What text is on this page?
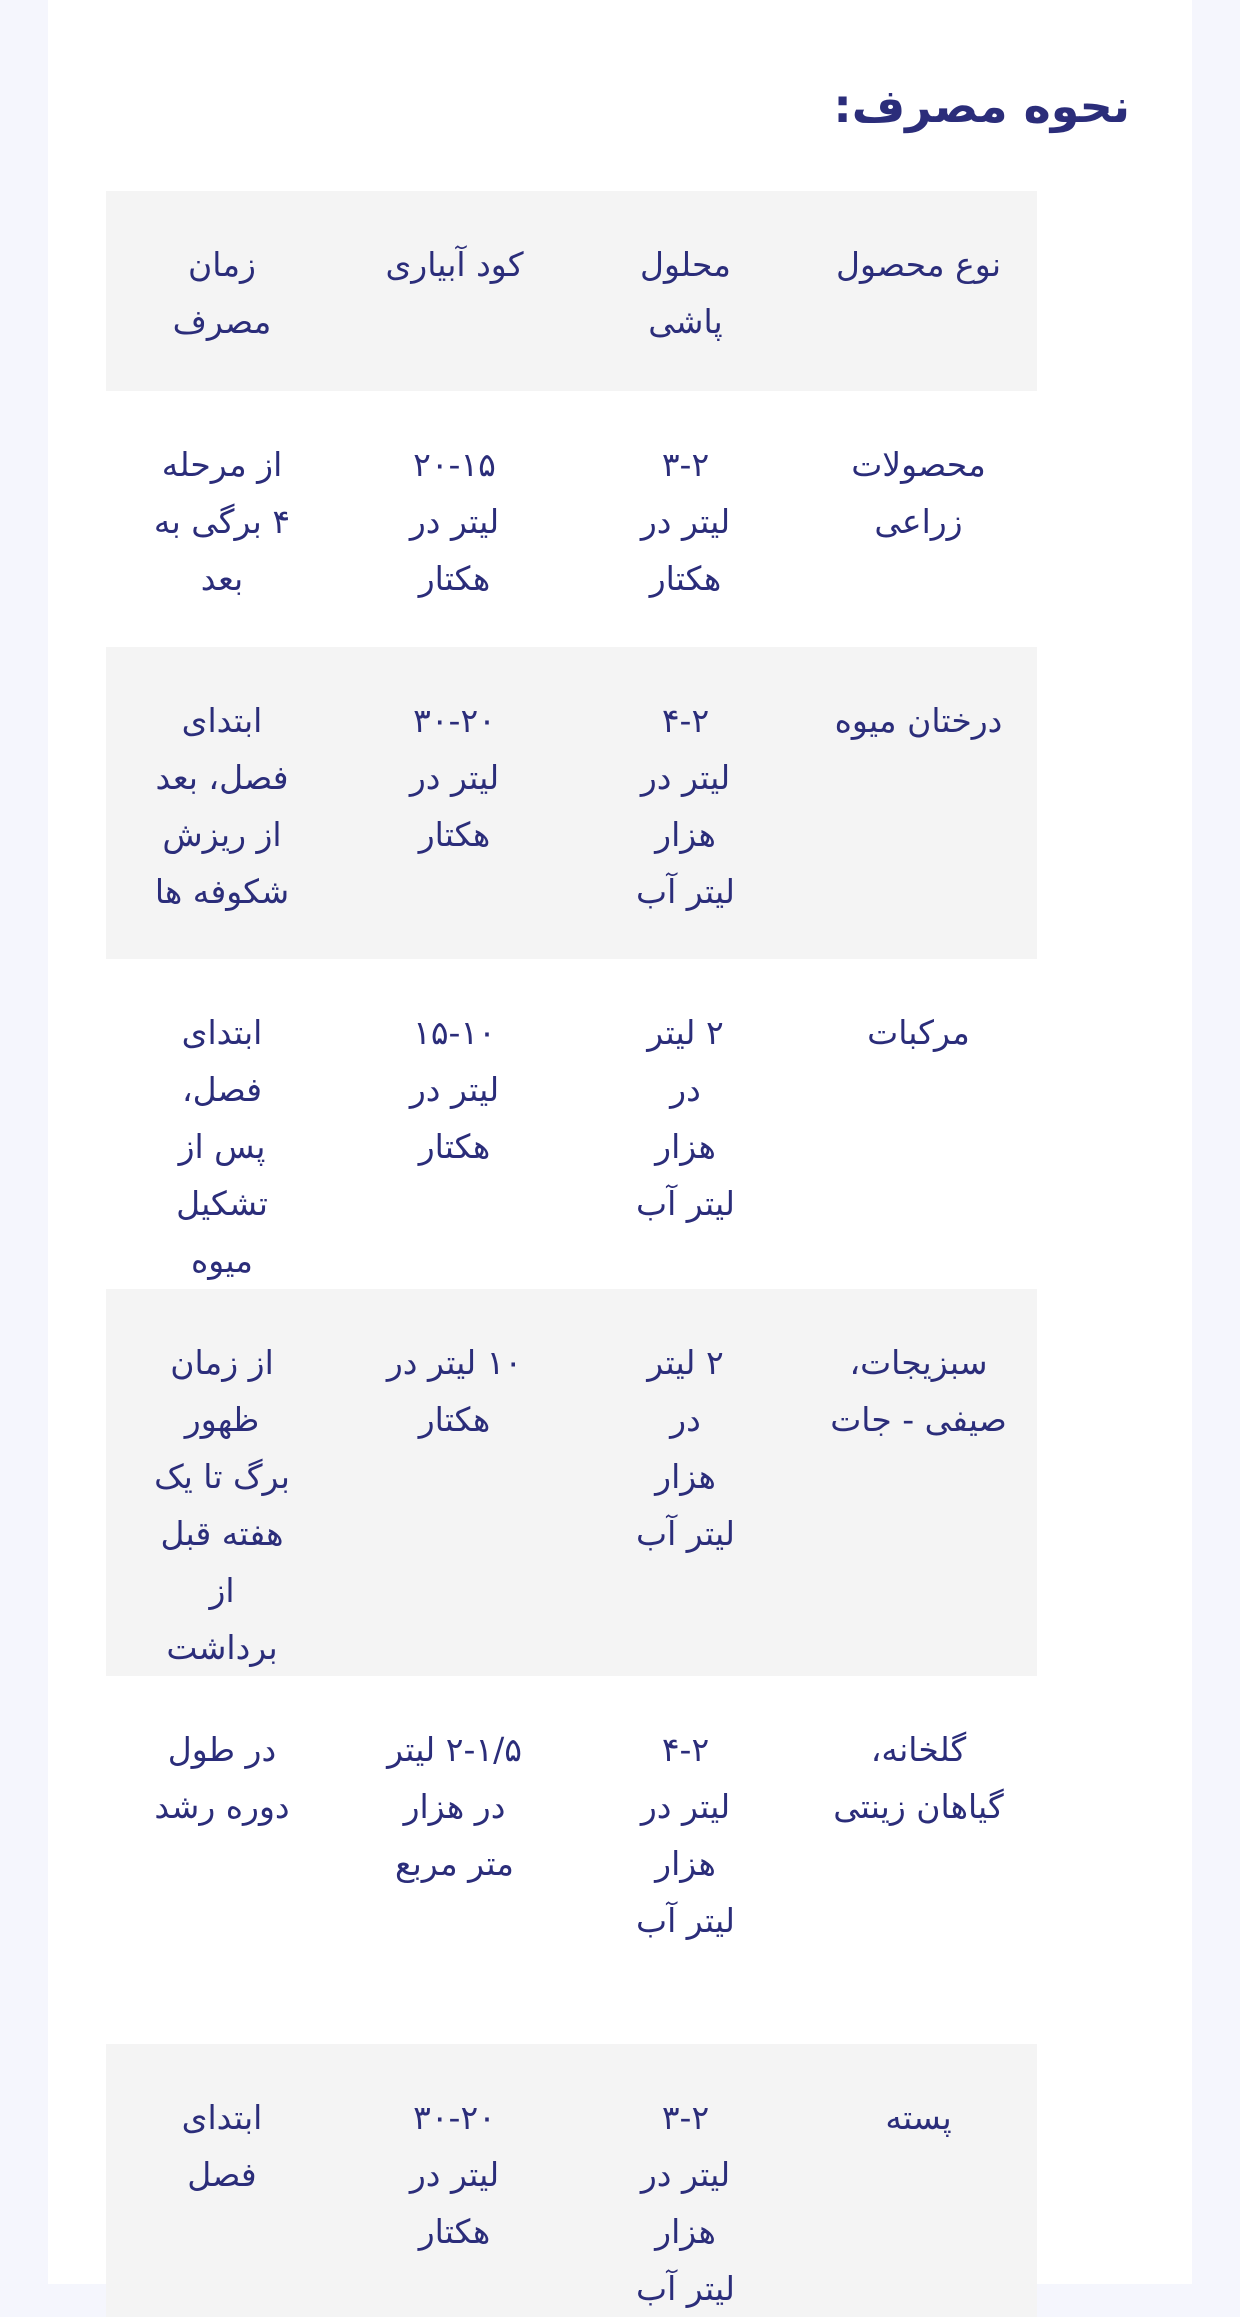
نحوه مصرف:
نوع محصول	محلول پاشی	کود آبیاری	زمان مصرف

محصولات زراعی	۳-۲ لیتر در هکتار	۲۰-۱۵ لیتر در هکتار	از مرحله ۴ برگی به بعد

درختان میوه	۴-۲ لیتر در هزار لیتر آب	۳۰-۲۰ لیتر در هکتار	ابتدای فصل، بعد از ریزش شکوفه ها

مرکبات	۲ لیتر در هزار لیتر آب	۱۵-۱۰ لیتر در هکتار	ابتدای فصل، پس از تشکیل میوه

سبزیجات، صیفی - جات	۲ لیتر در هزار لیتر آب	۱۰ لیتر در هکتار	از زمان ظهور برگ تا یک هفته قبل از برداشت

گلخانه، گیاهان زینتی	۴-۲ لیتر در هزار لیتر آب	۲-۱/۵ لیتر در هزار متر مربع	در طول دوره رشد

پسته	۳-۲ لیتر در هزار لیتر آب	۳۰-۲۰ لیتر در هکتار	ابتدای فصل
